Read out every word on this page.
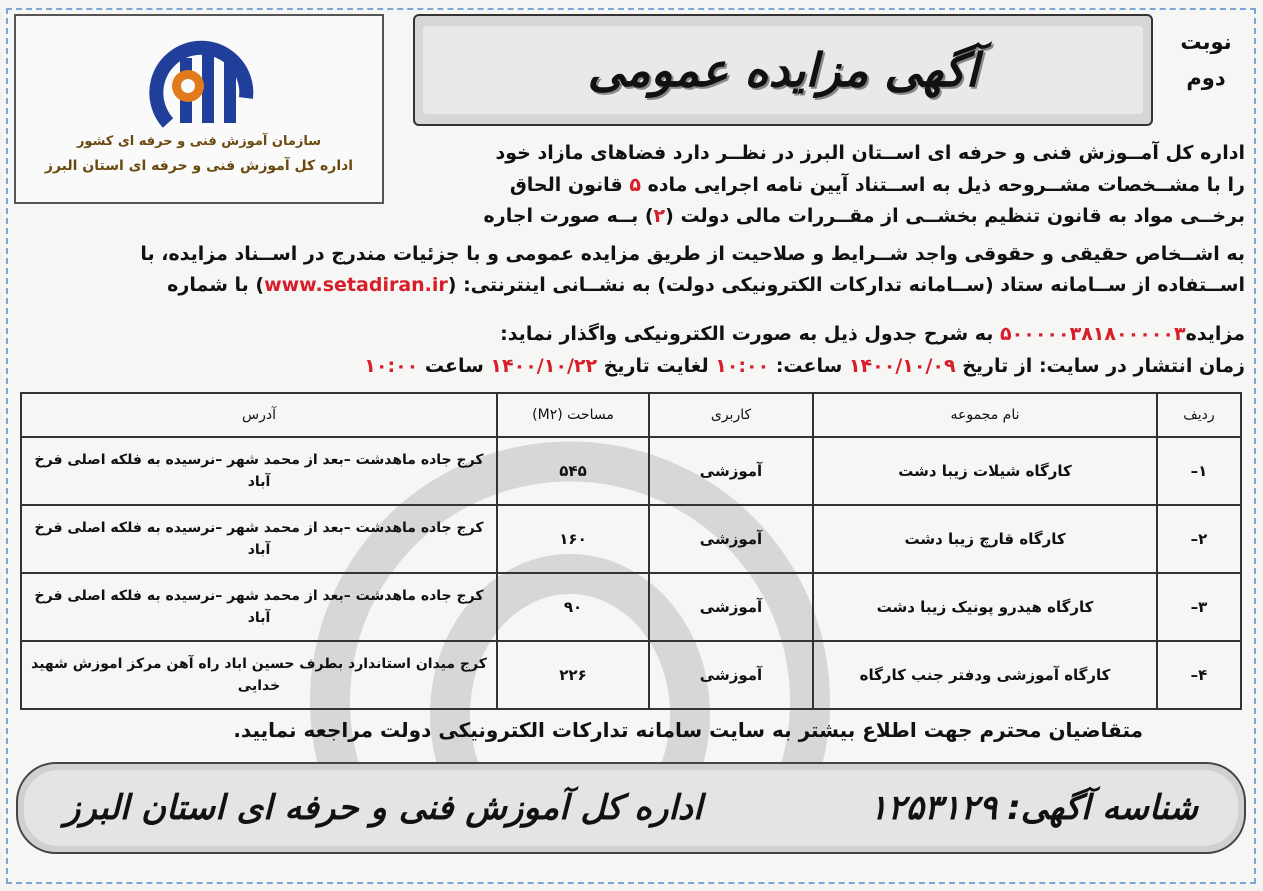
نوبت
دوم
آگهی مزایده عمومی
سازمان آموزش فنی و حرفه ای کشور
اداره کل آموزش فنی و حرفه ای استان البرز

اداره کل آمــوزش فنی و حرفه ای اســتان البرز در نظــر دارد فضاهای مازاد خود

را با مشــخصات مشــروحه ذیل به اســتناد آیین نامه اجرایی ماده ۵ قانون الحاق

برخــی مواد به قانون تنظیم بخشــی از مقــررات مالی دولت (۲) بــه صورت اجاره

به اشــخاص حقیقی و حقوقی واجد شــرایط و صلاحیت از طریق مزایده عمومی و با جزئیات مندرج در اســناد مزایده، با

اســتفاده از ســامانه ستاد (ســامانه تدارکات الکترونیکی دولت) به نشــانی اینترنتی: (www.setadiran.ir) با شماره

مزایده۵۰۰۰۰۰۳۸۱۸۰۰۰۰۰۳ به شرح جدول ذیل به صورت الکترونیکی واگذار نماید:
زمان انتشار در سایت: از تاریخ ۱۴۰۰/۱۰/۰۹ ساعت: ۱۰:۰۰ لغایت تاریخ ۱۴۰۰/۱۰/۲۲ ساعت ۱۰:۰۰
ردیف	نام مجموعه	کاربری	مساحت (M۲)	آدرس
۱–	کارگاه شیلات زیبا دشت	آموزشی	۵۴۵	کرج جاده ماهدشت –بعد از محمد شهر –نرسیده به فلکه اصلی فرخ آباد
۲–	کارگاه قارچ زیبا دشت	آموزشی	۱۶۰	کرج جاده ماهدشت –بعد از محمد شهر –نرسیده به فلکه اصلی فرخ آباد
۳–	کارگاه هیدرو پونیک زیبا دشت	آموزشی	۹۰	کرج جاده ماهدشت –بعد از محمد شهر –نرسیده به فلکه اصلی فرخ آباد
۴–	کارگاه آموزشی ودفتر جنب کارگاه	آموزشی	۲۲۶	کرج میدان استاندارد بطرف حسین اباد راه آهن مرکز اموزش شهید خدایی
متقاضیان محترم جهت اطلاع بیشتر به سایت سامانه تدارکات الکترونیکی دولت مراجعه نمایید.
شناسه آگهی:
۱۲۵۳۱۲۹
اداره کل آموزش فنی و حرفه ای استان البرز
